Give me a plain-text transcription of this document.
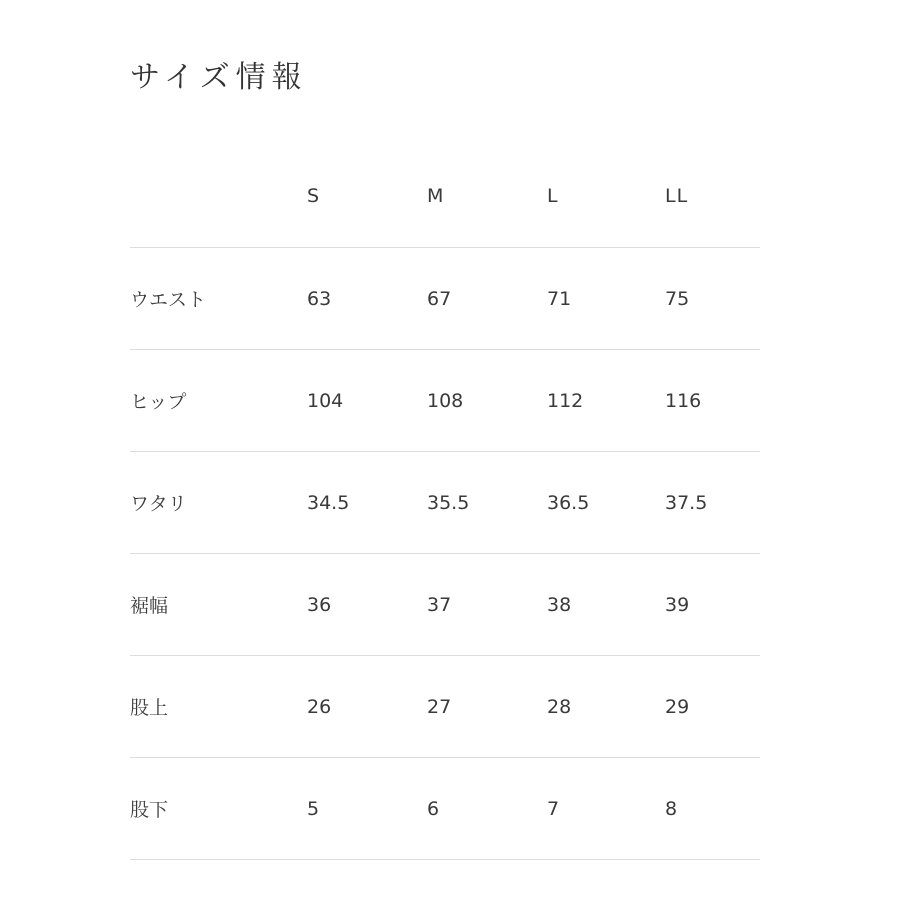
サイズ情報
	S	M	L	LL
ウエスト	63	67	71	75
ヒップ	104	108	112	116
ワタリ	34.5	35.5	36.5	37.5
裾幅	36	37	38	39
股上	26	27	28	29
股下	5	6	7	8
